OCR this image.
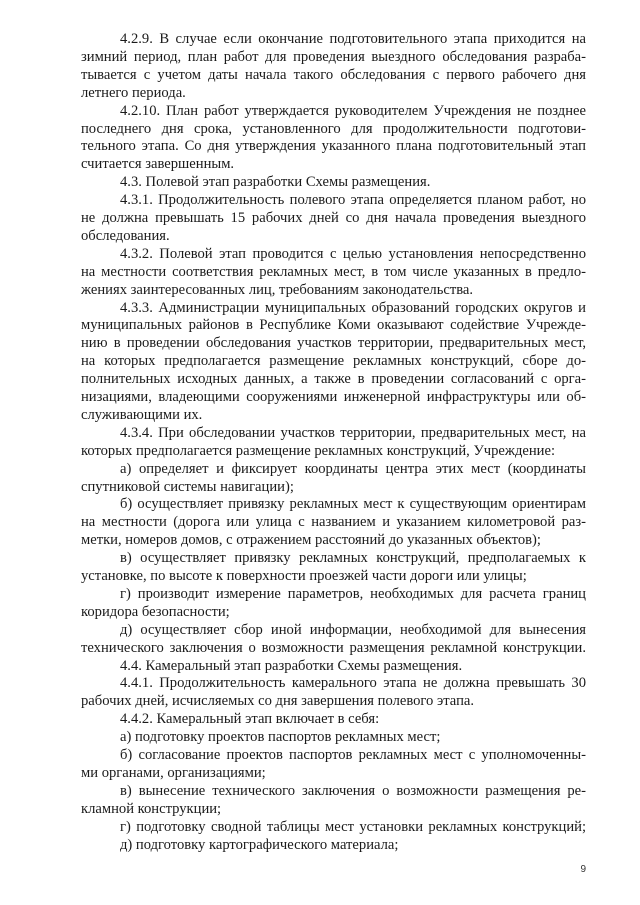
4.2.9. В случае если окончание подготовительного этапа приходится на
зимний период, план работ для проведения выездного обследования разраба-
тывается с учетом даты начала такого обследования с первого рабочего дня
летнего периода.
4.2.10. План работ утверждается руководителем Учреждения не позднее
последнего дня срока, установленного для продолжительности подготови-
тельного этапа. Со дня утверждения указанного плана подготовительный этап
считается завершенным.
4.3. Полевой этап разработки Схемы размещения.
4.3.1. Продолжительность полевого этапа определяется планом работ, но
не должна превышать 15 рабочих дней со дня начала проведения выездного
обследования.
4.3.2. Полевой этап проводится с целью установления непосредственно
на местности соответствия рекламных мест, в том числе указанных в предло-
жениях заинтересованных лиц, требованиям законодательства.
4.3.3. Администрации муниципальных образований городских округов и
муниципальных районов в Республике Коми оказывают содействие Учрежде-
нию в проведении обследования участков территории, предварительных мест,
на которых предполагается размещение рекламных конструкций, сборе до-
полнительных исходных данных, а также в проведении согласований с орга-
низациями, владеющими сооружениями инженерной инфраструктуры или об-
служивающими их.
4.3.4. При обследовании участков территории, предварительных мест, на
которых предполагается размещение рекламных конструкций, Учреждение:
а) определяет и фиксирует координаты центра этих мест (координаты
спутниковой системы навигации);
б) осуществляет привязку рекламных мест к существующим ориентирам
на местности (дорога или улица с названием и указанием километровой раз-
метки, номеров домов, с отражением расстояний до указанных объектов);
в) осуществляет привязку рекламных конструкций, предполагаемых к
установке, по высоте к поверхности проезжей части дороги или улицы;
г) производит измерение параметров, необходимых для расчета границ
коридора безопасности;
д) осуществляет сбор иной информации, необходимой для вынесения
технического заключения о возможности размещения рекламной конструкции.
4.4. Камеральный этап разработки Схемы размещения.
4.4.1. Продолжительность камерального этапа не должна превышать 30
рабочих дней, исчисляемых со дня завершения полевого этапа.
4.4.2. Камеральный этап включает в себя:
а) подготовку проектов паспортов рекламных мест;
б) согласование проектов паспортов рекламных мест с уполномоченны-
ми органами, организациями;
в) вынесение технического заключения о возможности размещения ре-
кламной конструкции;
г) подготовку сводной таблицы мест установки рекламных конструкций;
д) подготовку картографического материала;
9
